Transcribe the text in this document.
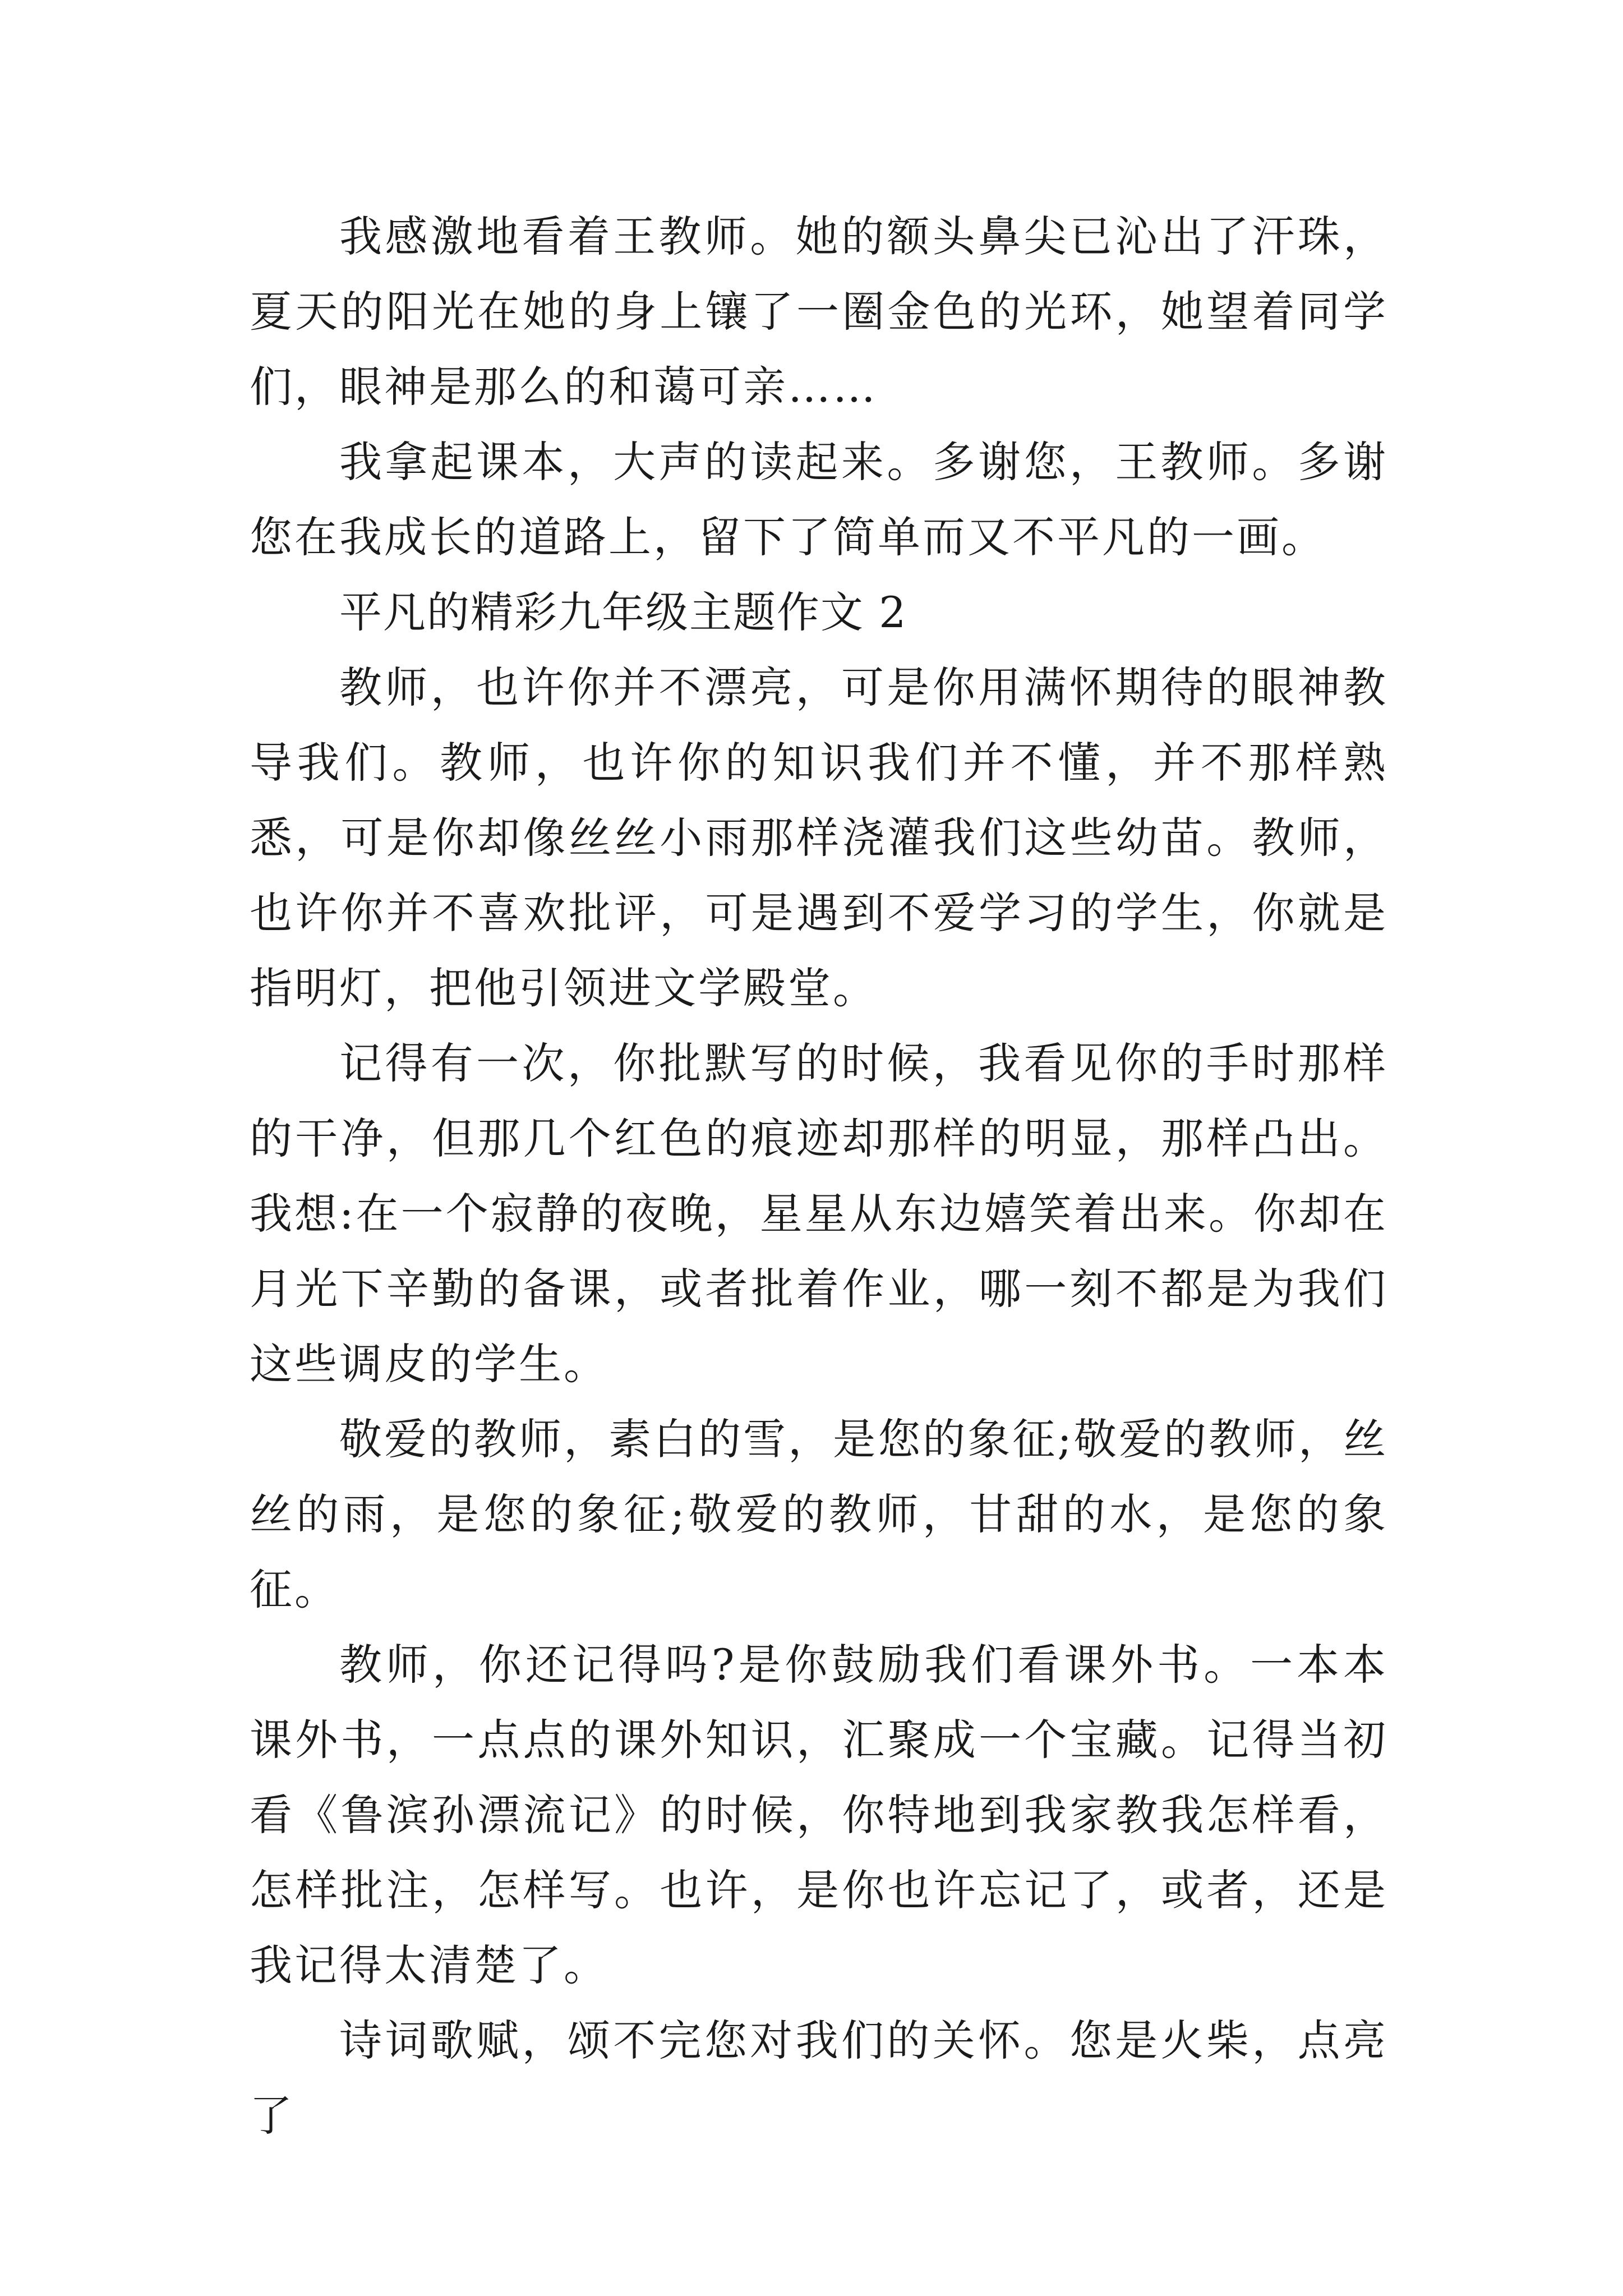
我感激地看着王教师。她的额头鼻尖已沁出了汗珠，夏天的阳光在她的身上镶了一圈金色的光环，她望着同学们，眼神是那么的和蔼可亲……

我拿起课本，大声的读起来。多谢您，王教师。多谢您在我成长的道路上，留下了简单而又不平凡的一画。

平凡的精彩九年级主题作文 2

教师，也许你并不漂亮，可是你用满怀期待的眼神教导我们。教师，也许你的知识我们并不懂，并不那样熟悉，可是你却像丝丝小雨那样浇灌我们这些幼苗。教师，也许你并不喜欢批评，可是遇到不爱学习的学生，你就是指明灯，把他引领进文学殿堂。

记得有一次，你批默写的时候，我看见你的手时那样的干净，但那几个红色的痕迹却那样的明显，那样凸出。我想:在一个寂静的夜晚，星星从东边嬉笑着出来。你却在月光下辛勤的备课，或者批着作业，哪一刻不都是为我们这些调皮的学生。

敬爱的教师，素白的雪，是您的象征;敬爱的教师，丝丝的雨，是您的象征;敬爱的教师，甘甜的水，是您的象征。

教师，你还记得吗?是你鼓励我们看课外书。一本本课外书，一点点的课外知识，汇聚成一个宝藏。记得当初看《鲁滨孙漂流记》的时候，你特地到我家教我怎样看，怎样批注，怎样写。也许，是你也许忘记了，或者，还是我记得太清楚了。

诗词歌赋，颂不完您对我们的关怀。您是火柴，点亮了
